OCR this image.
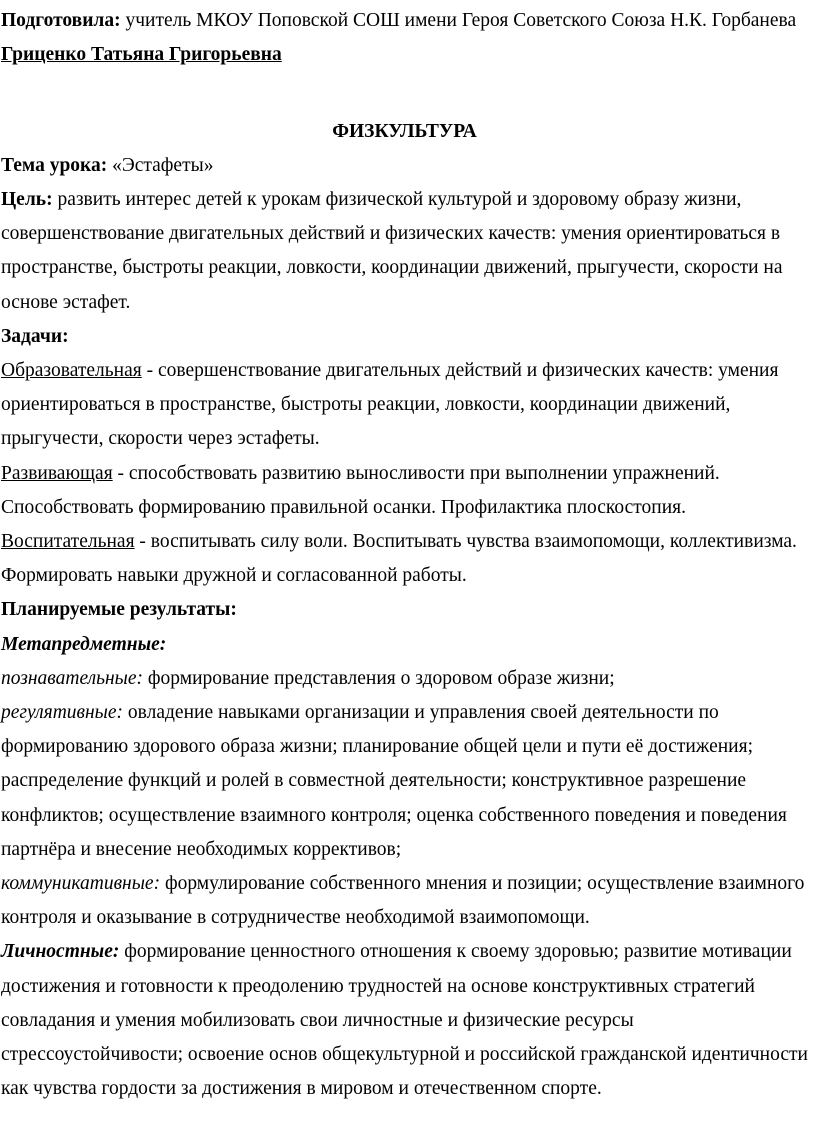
Подготовила: учитель МКОУ Поповской СОШ имени Героя Советского Союза Н.К. Горбанева Гриценко Татьяна Григорьевна

ФИЗКУЛЬТУРА

Тема урока: «Эстафеты»

Цель: развить интерес детей к урокам физической культурой и здоровому образу жизни, совершенствование двигательных действий и физических качеств: умения ориентироваться в пространстве, быстроты реакции, ловкости, координации движений, прыгучести, скорости на основе эстафет.

Задачи:

Образовательная - совершенствование двигательных действий и физических качеств: умения ориентироваться в пространстве, быстроты реакции, ловкости, координации движений, прыгучести, скорости через эстафеты.

Развивающая - способствовать развитию выносливости при выполнении упражнений. Способствовать формированию правильной осанки. Профилактика плоскостопия.

Воспитательная - воспитывать силу воли. Воспитывать чувства взаимопомощи, коллективизма. Формировать навыки дружной и согласованной работы.

Планируемые результаты:

Метапредметные:

познавательные: формирование представления о здоровом образе жизни;

регулятивные: овладение навыками организации и управления своей деятельности по формированию здорового образа жизни; планирование общей цели и пути её достижения; распределение функций и ролей в совместной деятельности; конструктивное разрешение конфликтов; осуществление взаимного контроля; оценка собственного поведения и поведения партнёра и внесение необходимых коррективов;

коммуникативные: формулирование собственного мнения и позиции; осуществление взаимного контроля и оказывание в сотрудничестве необходимой взаимопомощи.

Личностные: формирование ценностного отношения к своему здоровью; развитие мотивации достижения и готовности к преодолению трудностей на основе конструктивных стратегий совладания и умения мобилизовать свои личностные и физические ресурсы стрессоустойчивости; освоение основ общекультурной и российской гражданской идентичности как чувства гордости за достижения в мировом и отечественном спорте.
